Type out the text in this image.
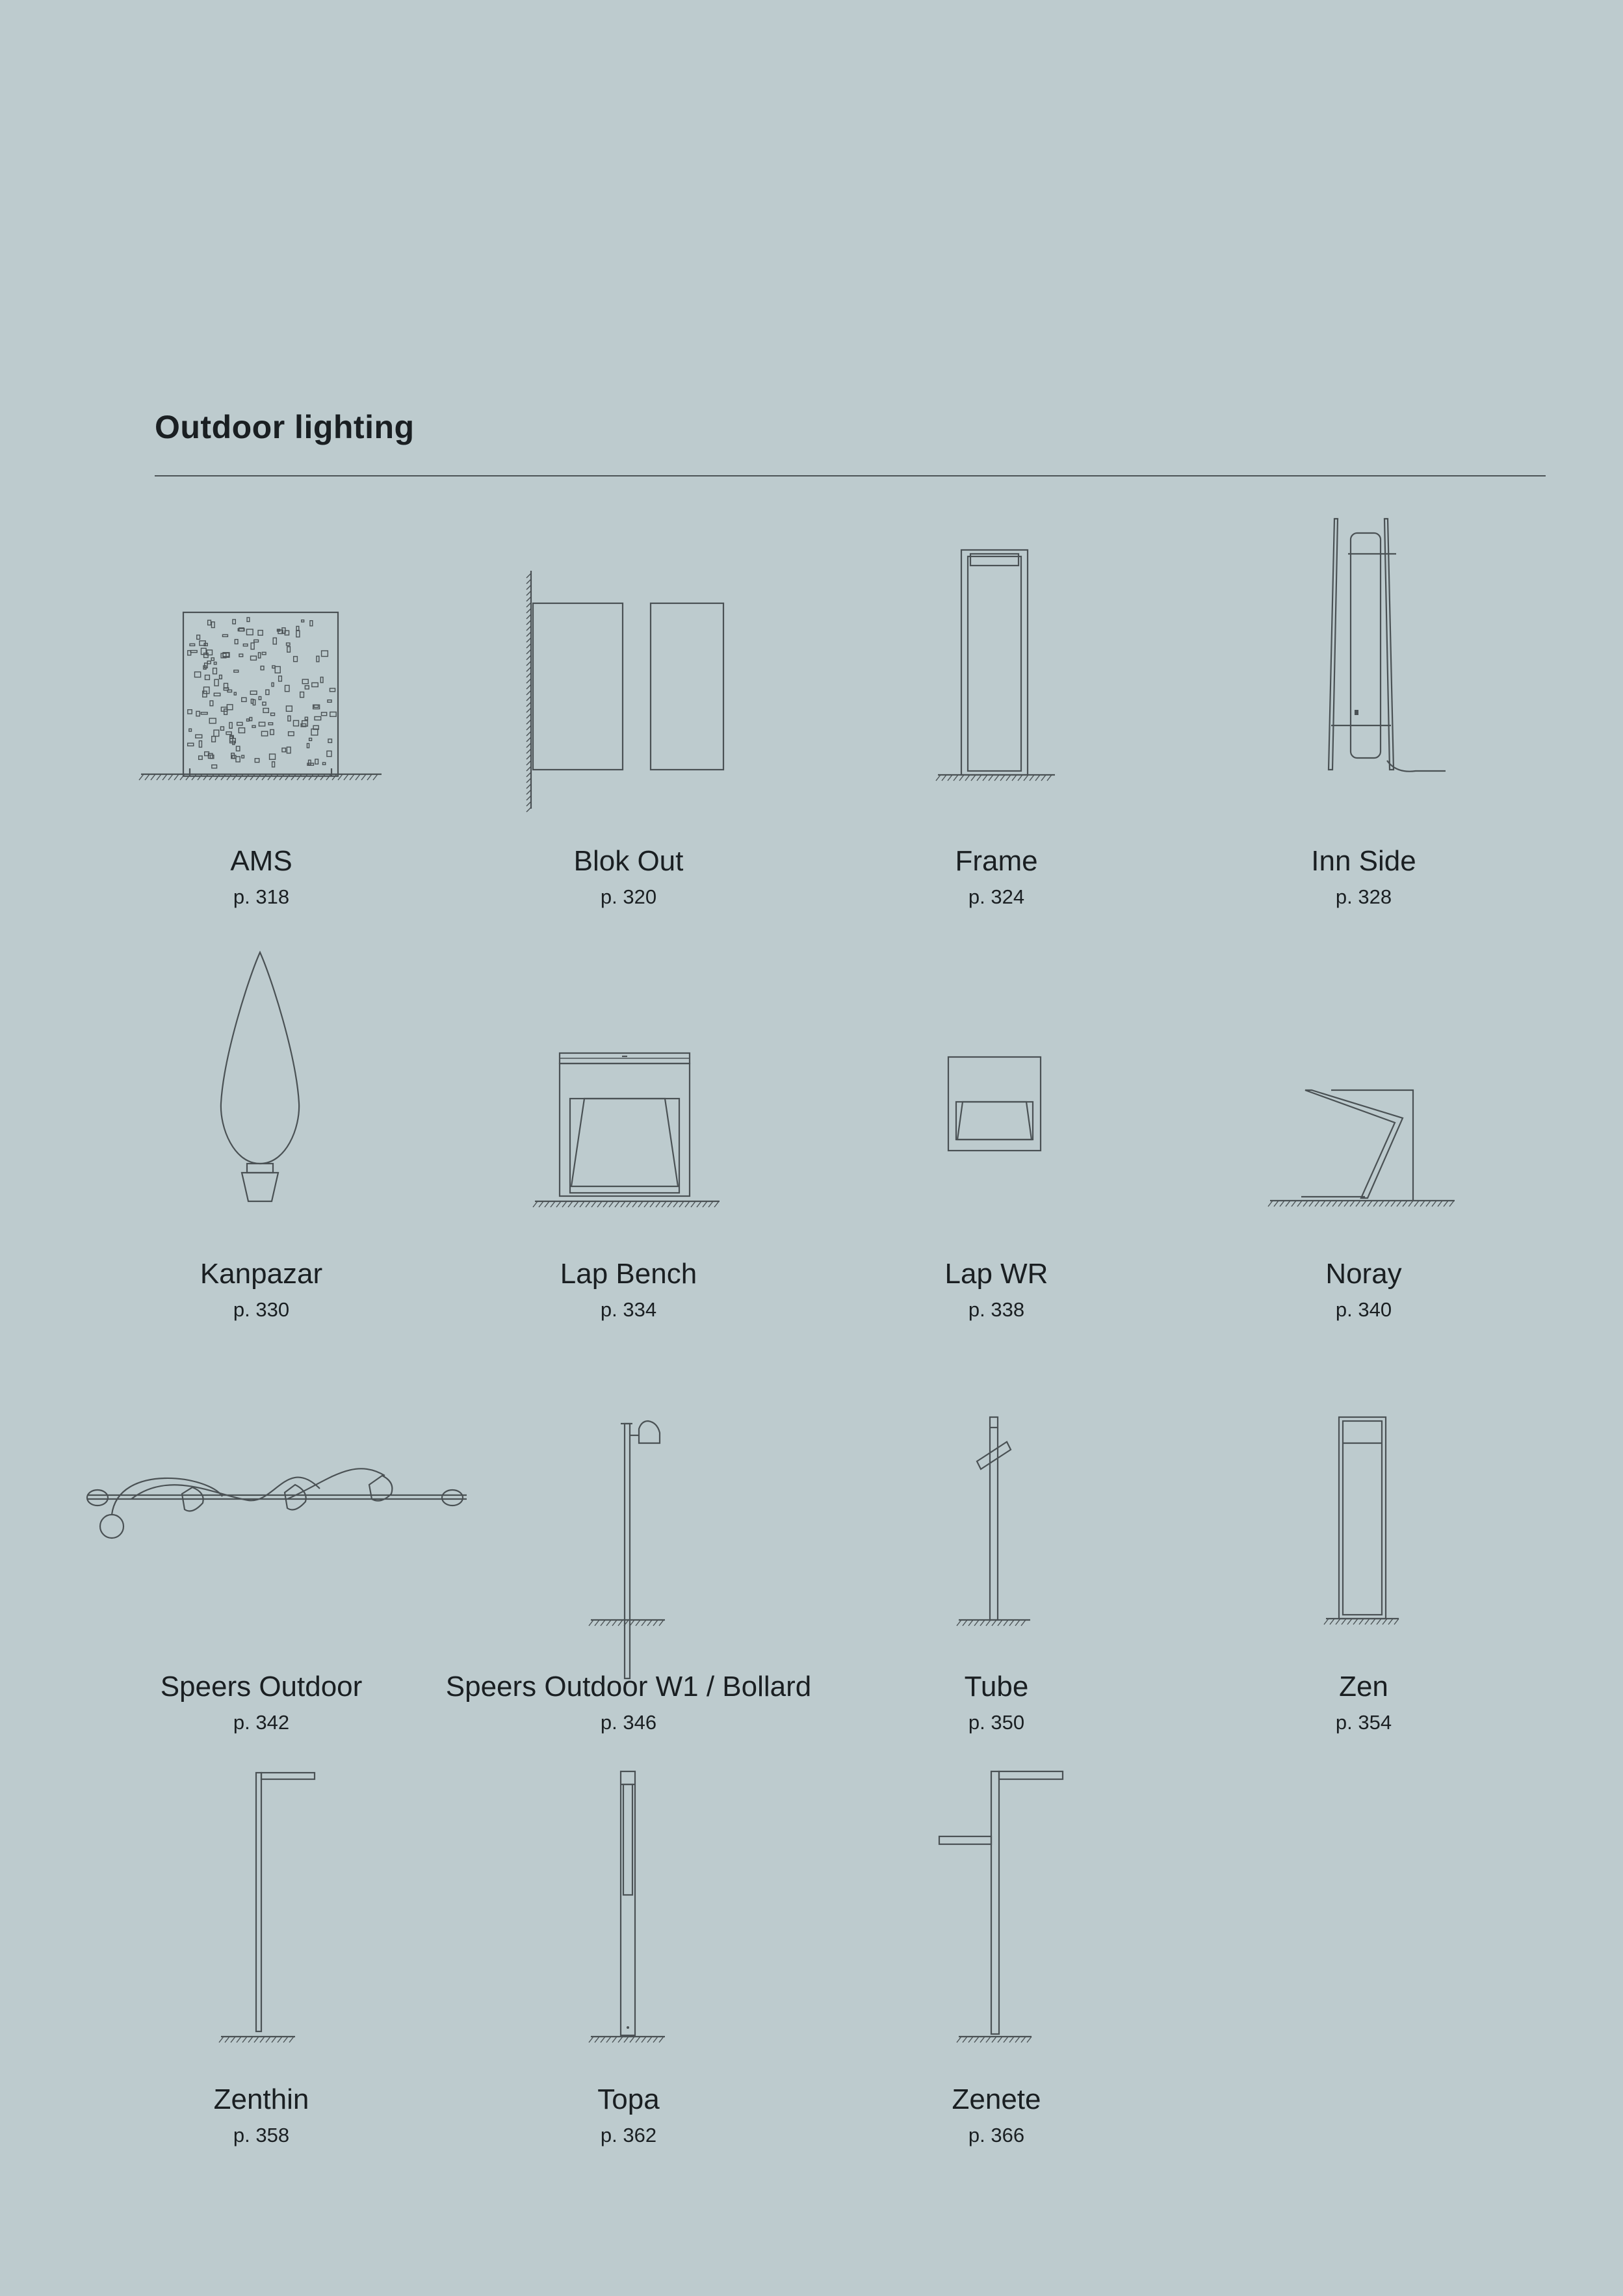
Outdoor lighting
AMS
p. 318
Blok Out
p. 320
Frame
p. 324
Inn Side
p. 328
Kanpazar
p. 330
Lap Bench
p. 334
Lap WR
p. 338
Noray
p. 340
Speers Outdoor
p. 342
Speers Outdoor W1 / Bollard
p. 346
Tube
p. 350
Zen
p. 354
Zenthin
p. 358
Topa
p. 362
Zenete
p. 366
